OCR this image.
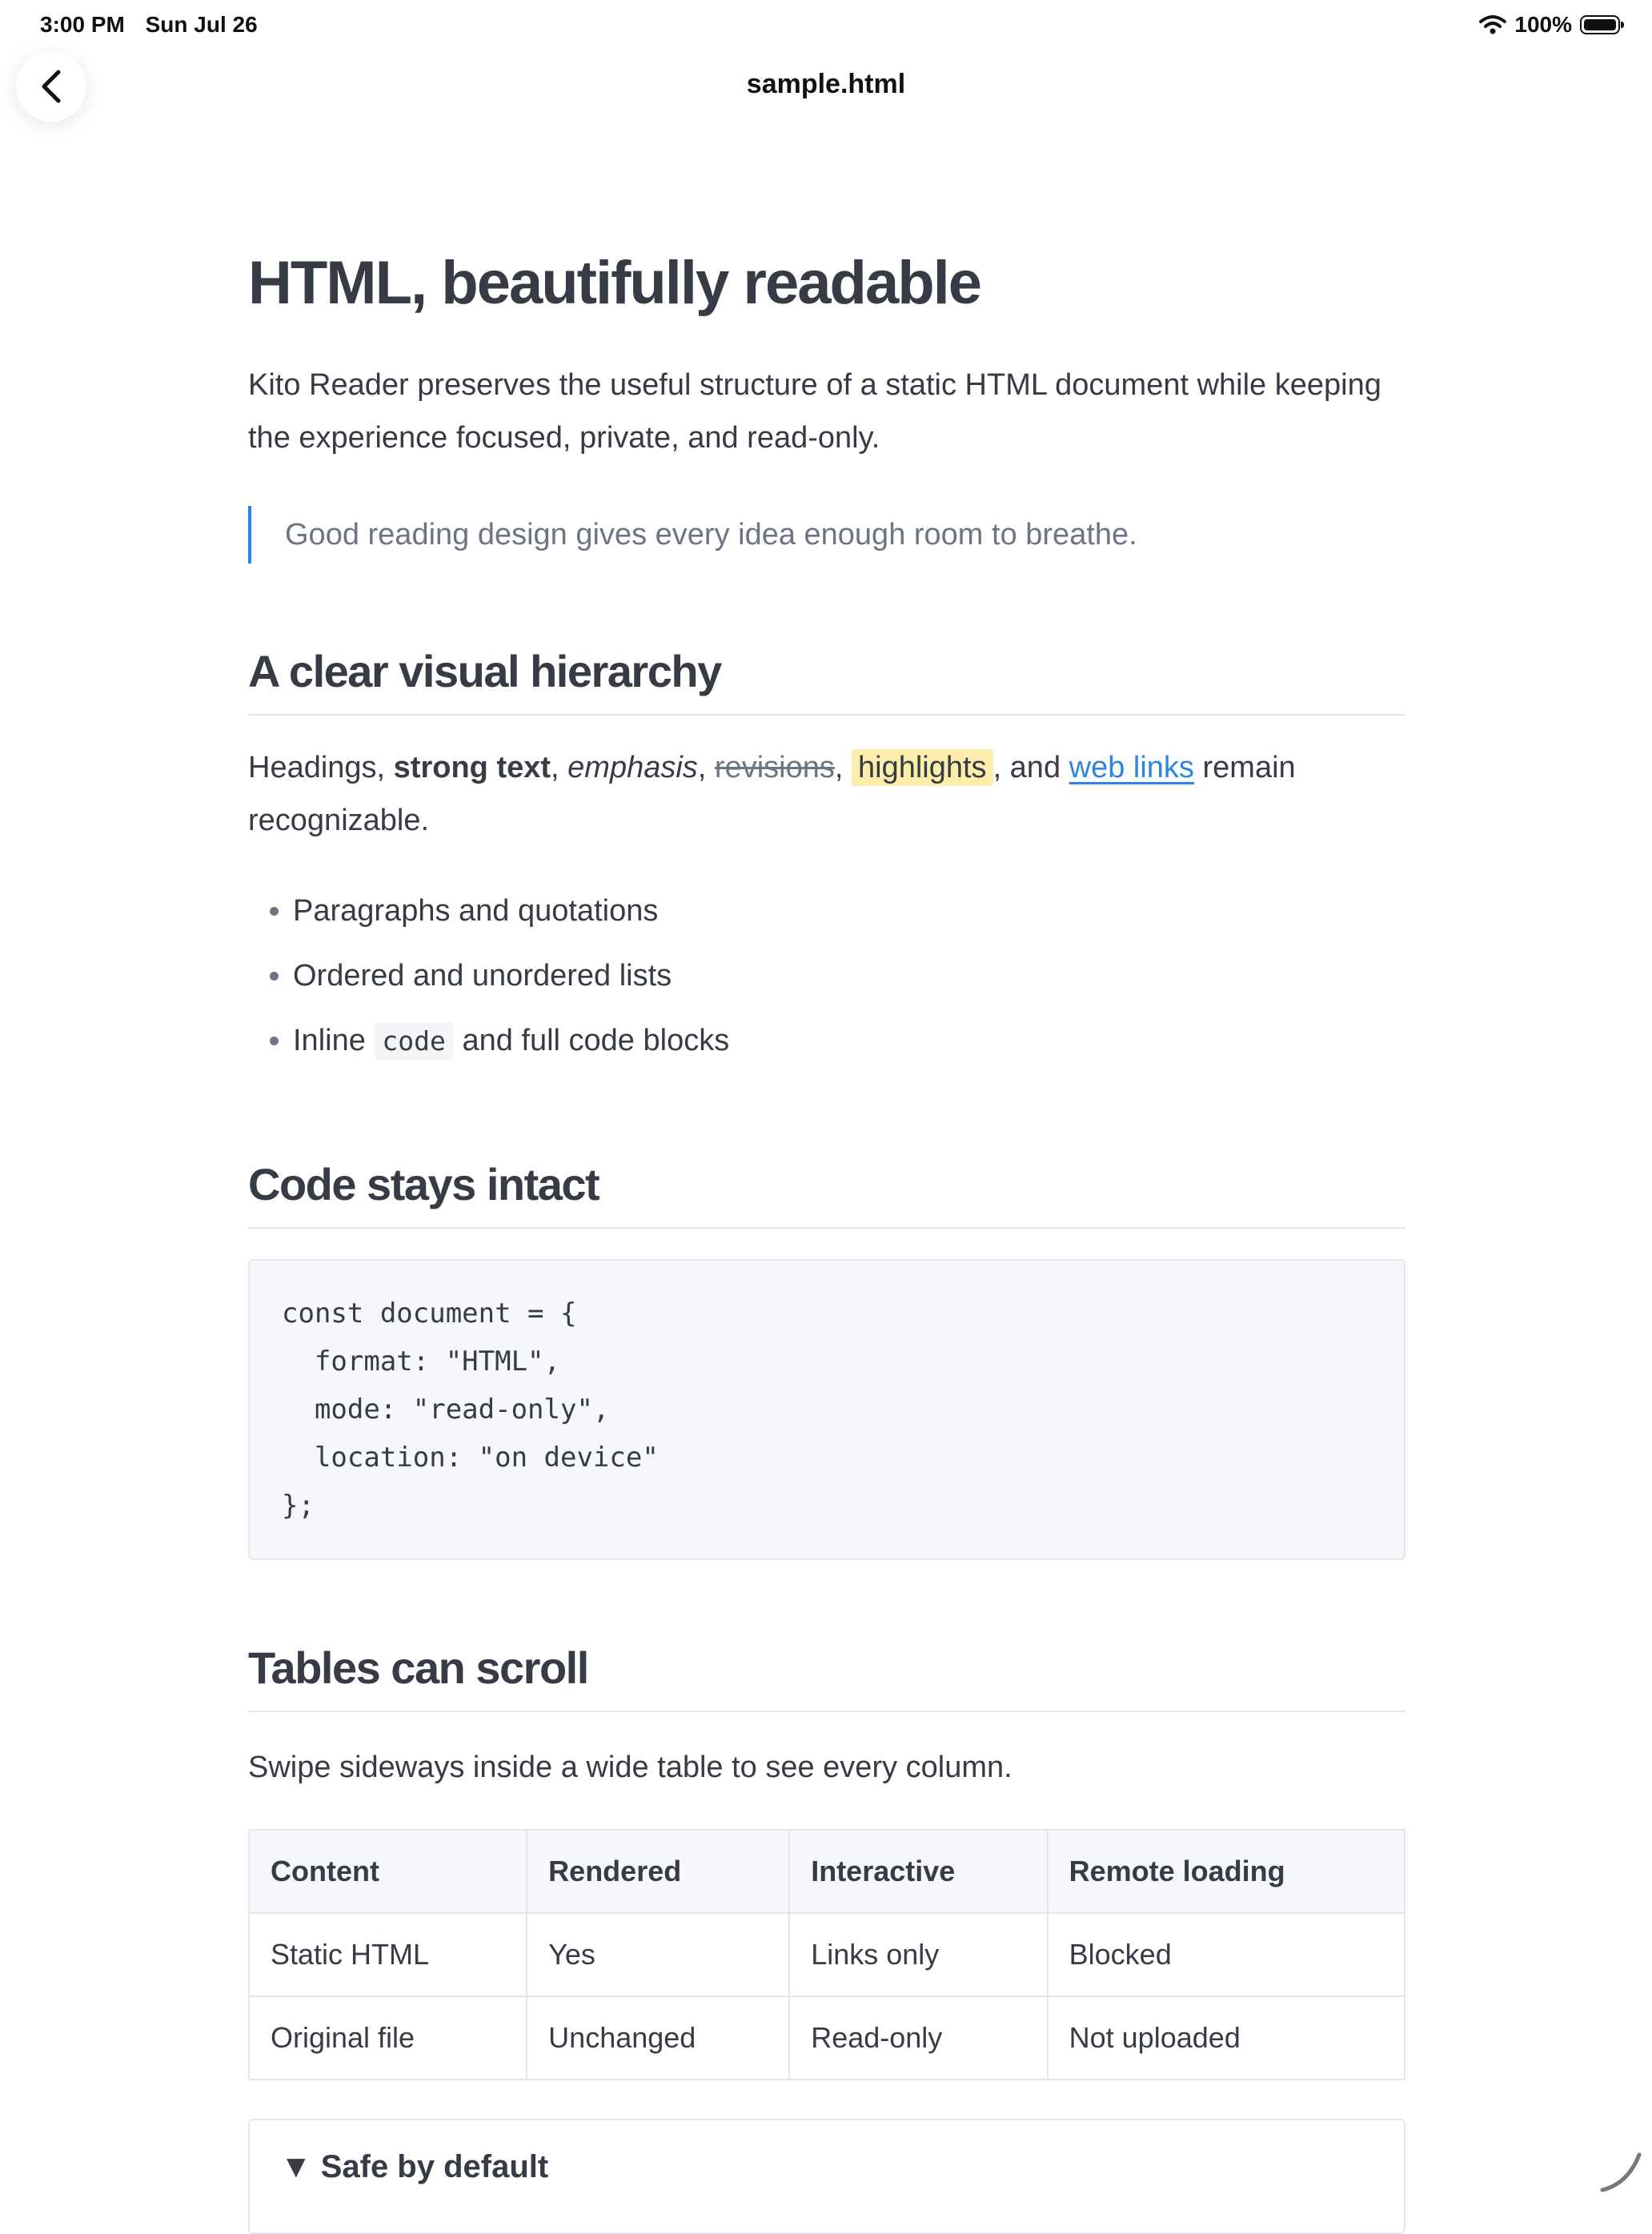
3:00 PM Sun Jul 26	100%
sample.html
HTML, beautifully readable

Kito Reader preserves the useful structure of a static HTML document while keeping the experience focused, private, and read-only.

Good reading design gives every idea enough room to breathe.
A clear visual hierarchy

Headings, strong text, emphasis, revisions, highlights , and web links remain recognizable.

• Paragraphs and quotations
• Ordered and unordered lists
• Inline code and full code blocks
Code stays intact
const document = {
format: "HTML",
mode: "read-only",
location: "on device"
};
Tables can scroll

Swipe sideways inside a wide table to see every column.

Content	Rendered	Interactive	Remote loading
Static HTML	Yes	Links only	Blocked
Original file	Unchanged	Read-only	Not uploaded
▼ Safe by default
